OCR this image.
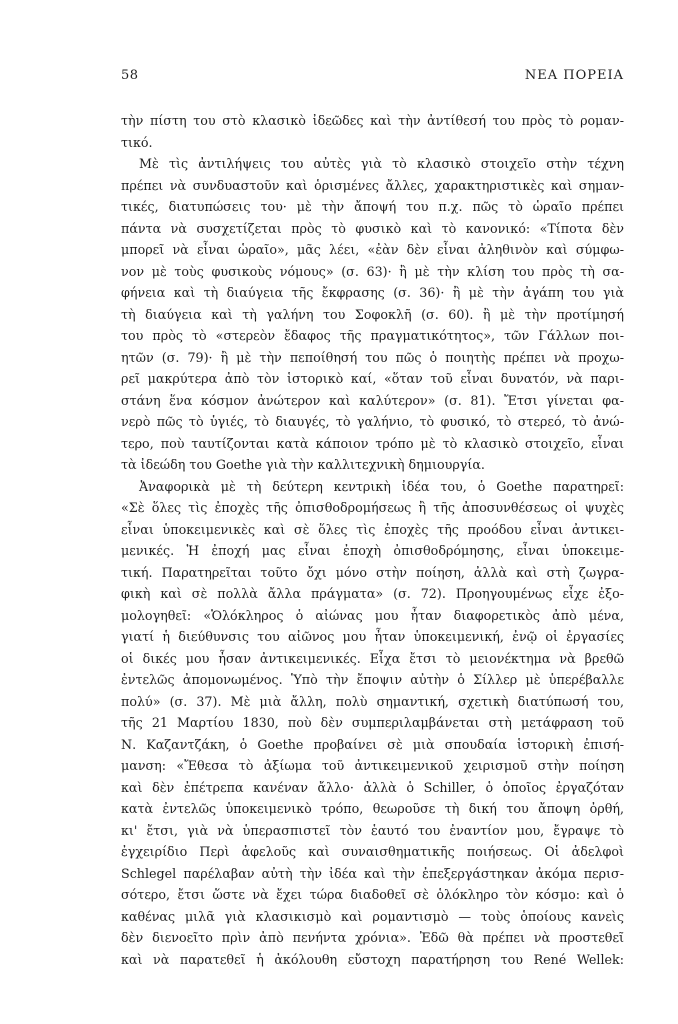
58	ΝΕΑ ΠΟΡΕΙΑ
τὴν πίστη του στὸ κλασικὸ ἰδεῶδες καὶ τὴν ἀντίθεσή του πρὸς τὸ ρομαν-
τικό.
Μὲ τὶς ἀντιλήψεις του αὐτὲς γιὰ τὸ κλασικὸ στοιχεῖο στὴν τέχνη
πρέπει νὰ συνδυαστοῦν καὶ ὁρισμένες ἄλλες, χαρακτηριστικὲς καὶ σημαν-
τικές, διατυπώσεις του· μὲ τὴν ἄποψή του π.χ. πῶς τὸ ὡραῖο πρέπει
πάντα νὰ συσχετίζεται πρὸς τὸ φυσικὸ καὶ τὸ κανονικό: «Τίποτα δὲν
μπορεῖ νὰ εἶναι ὡραῖο», μᾶς λέει, «ἐὰν δὲν εἶναι ἀληθινὸν καὶ σύμφω-
νον μὲ τοὺς φυσικοὺς νόμους» (σ. 63)· ἢ μὲ τὴν κλίση του πρὸς τὴ σα-
φήνεια καὶ τὴ διαύγεια τῆς ἔκφρασης (σ. 36)· ἢ μὲ τὴν ἀγάπη του γιὰ
τὴ διαύγεια καὶ τὴ γαλήνη του Σοφοκλῆ (σ. 60). ἢ μὲ τὴν προτίμησή
του πρὸς τὸ «στερεὸν ἔδαφος τῆς πραγματικότητος», τῶν Γάλλων ποι-
ητῶν (σ. 79)· ἢ μὲ τὴν πεποίθησή του πῶς ὁ ποιητὴς πρέπει νὰ προχω-
ρεῖ μακρύτερα ἀπὸ τὸν ἱστορικὸ καί, «ὅταν τοῦ εἶναι δυνατόν, νὰ παρι-
στάνη ἕνα κόσμον ἀνώτερον καὶ καλύτερον» (σ. 81). Ἔτσι γίνεται φα-
νερὸ πῶς τὸ ὑγιές, τὸ διαυγές, τὸ γαλήνιο, τὸ φυσικό, τὸ στερεό, τὸ ἀνώ-
τερο, ποὺ ταυτίζονται κατὰ κάποιον τρόπο μὲ τὸ κλασικὸ στοιχεῖο, εἶναι
τὰ ἰδεώδη του Goethe γιὰ τὴν καλλιτεχνικὴ δημιουργία.
Ἀναφορικὰ μὲ τὴ δεύτερη κεντρικὴ ἰδέα του, ὁ Goethe παρατηρεῖ:
«Σὲ ὅλες τὶς ἐποχὲς τῆς ὀπισθοδρομήσεως ἢ τῆς ἀποσυνθέσεως οἱ ψυχὲς
εἶναι ὑποκειμενικὲς καὶ σὲ ὅλες τὶς ἐποχὲς τῆς προόδου εἶναι ἀντικει-
μενικές. Ἡ ἐποχή μας εἶναι ἐποχὴ ὀπισθοδρόμησης, εἶναι ὑποκειμε-
τική. Παρατηρεῖται τοῦτο ὄχι μόνο στὴν ποίηση, ἀλλὰ καὶ στὴ ζωγρα-
φικὴ καὶ σὲ πολλὰ ἄλλα πράγματα» (σ. 72). Προηγουμένως εἶχε ἐξο-
μολογηθεῖ: «Ὁλόκληρος ὁ αἰώνας μου ἦταν διαφορετικὸς ἀπὸ μένα,
γιατί ἡ διεύθυνσις του αἰῶνος μου ἦταν ὑποκειμενική, ἐνῷ οἱ ἐργασίες
οἱ δικές μου ἦσαν ἀντικειμενικές. Εἶχα ἔτσι τὸ μειονέκτημα νὰ βρεθῶ
ἐντελῶς ἀπομονωμένος. Ὑπὸ τὴν ἔποψιν αὐτὴν ὁ Σίλλερ μὲ ὑπερέβαλλε
πολύ» (σ. 37). Μὲ μιὰ ἄλλη, πολὺ σημαντική, σχετικὴ διατύπωσή του,
τῆς 21 Μαρτίου 1830, ποὺ δὲν συμπεριλαμβάνεται στὴ μετάφραση τοῦ
Ν. Καζαντζάκη, ὁ Goethe προβαίνει σὲ μιὰ σπουδαία ἱστορικὴ ἐπισή-
μανση: «Ἔθεσα τὸ ἀξίωμα τοῦ ἀντικειμενικοῦ χειρισμοῦ στὴν ποίηση
καὶ δὲν ἐπέτρεπα κανέναν ἄλλο· ἀλλὰ ὁ Schiller, ὁ ὁποῖος ἐργαζόταν
κατὰ ἐντελῶς ὑποκειμενικὸ τρόπο, θεωροῦσε τὴ δική του ἄποψη ὀρθή,
κι' ἔτσι, γιὰ νὰ ὑπερασπιστεῖ τὸν ἑαυτό του ἐναντίον μου, ἔγραψε τὸ
ἐγχειρίδιο Περὶ ἀφελοῦς καὶ συναισθηματικῆς ποιήσεως. Οἱ ἀδελφοὶ
Schlegel παρέλαβαν αὐτὴ τὴν ἰδέα καὶ τὴν ἐπεξεργάστηκαν ἀκόμα περισ-
σότερο, ἔτσι ὥστε νὰ ἔχει τώρα διαδοθεῖ σὲ ὁλόκληρο τὸν κόσμο: καὶ ὁ
καθένας μιλᾶ γιὰ κλασικισμὸ καὶ ρομαντισμὸ — τοὺς ὁποίους κανεὶς
δὲν διενοεῖτο πρὶν ἀπὸ πενήντα χρόνια». Ἐδῶ θὰ πρέπει νὰ προστεθεῖ
καὶ νὰ παρατεθεῖ ἡ ἀκόλουθη εὔστοχη παρατήρηση του René Wellek:
